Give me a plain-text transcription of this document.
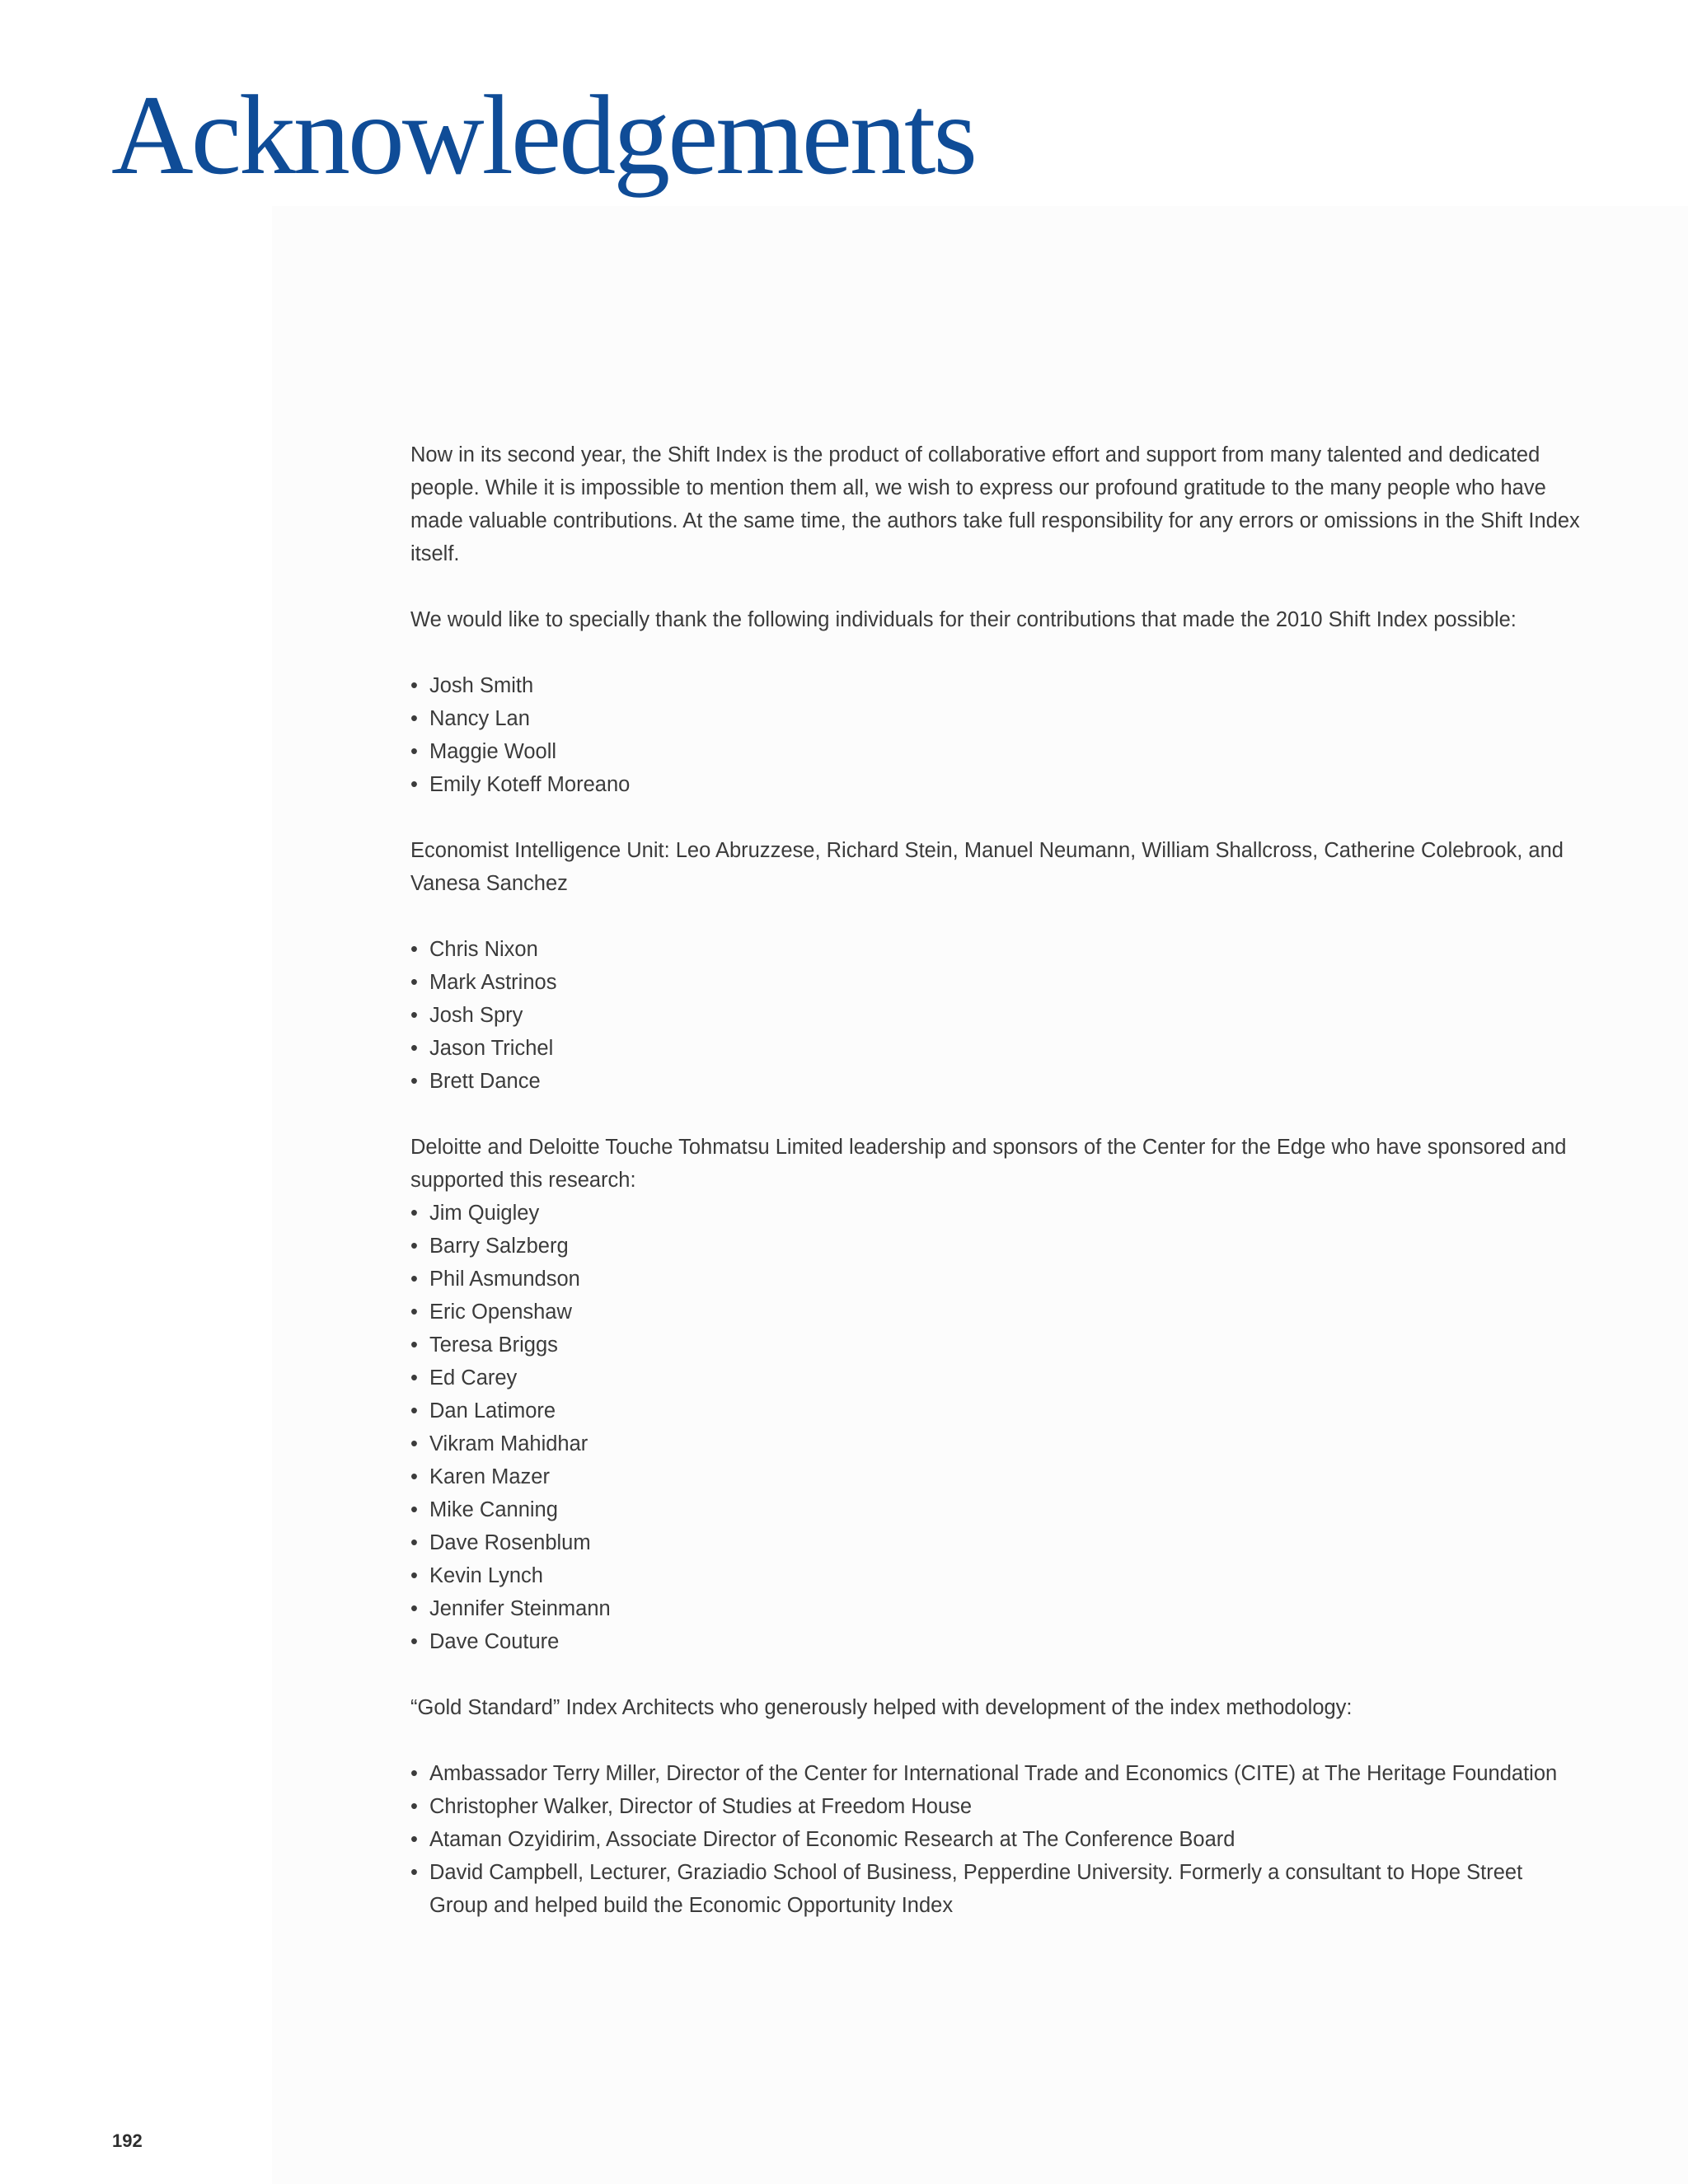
Acknowledgements

Now in its second year, the Shift Index is the product of collaborative effort and support from many talented and dedicated people. While it is impossible to mention them all, we wish to express our profound gratitude to the many people who have made valuable contributions. At the same time, the authors take full responsibility for any errors or omissions in the Shift Index itself.

We would like to specially thank the following individuals for their contributions that made the 2010 Shift Index possible:

• Josh Smith
• Nancy Lan
• Maggie Wooll
• Emily Koteff Moreano

Economist Intelligence Unit: Leo Abruzzese, Richard Stein, Manuel Neumann, William Shallcross, Catherine Colebrook, and Vanesa Sanchez

• Chris Nixon
• Mark Astrinos
• Josh Spry
• Jason Trichel
• Brett Dance

Deloitte and Deloitte Touche Tohmatsu Limited leadership and sponsors of the Center for the Edge who have sponsored and supported this research:

• Jim Quigley
• Barry Salzberg
• Phil Asmundson
• Eric Openshaw
• Teresa Briggs
• Ed Carey
• Dan Latimore
• Vikram Mahidhar
• Karen Mazer
• Mike Canning
• Dave Rosenblum
• Kevin Lynch
• Jennifer Steinmann
• Dave Couture

“Gold Standard” Index Architects who generously helped with development of the index methodology:

• Ambassador Terry Miller, Director of the Center for International Trade and Economics (CITE) at The Heritage Foundation
• Christopher Walker, Director of Studies at Freedom House
• Ataman Ozyidirim, Associate Director of Economic Research at The Conference Board
• David Campbell, Lecturer, Graziadio School of Business, Pepperdine University. Formerly a consultant to Hope Street Group and helped build the Economic Opportunity Index
192
